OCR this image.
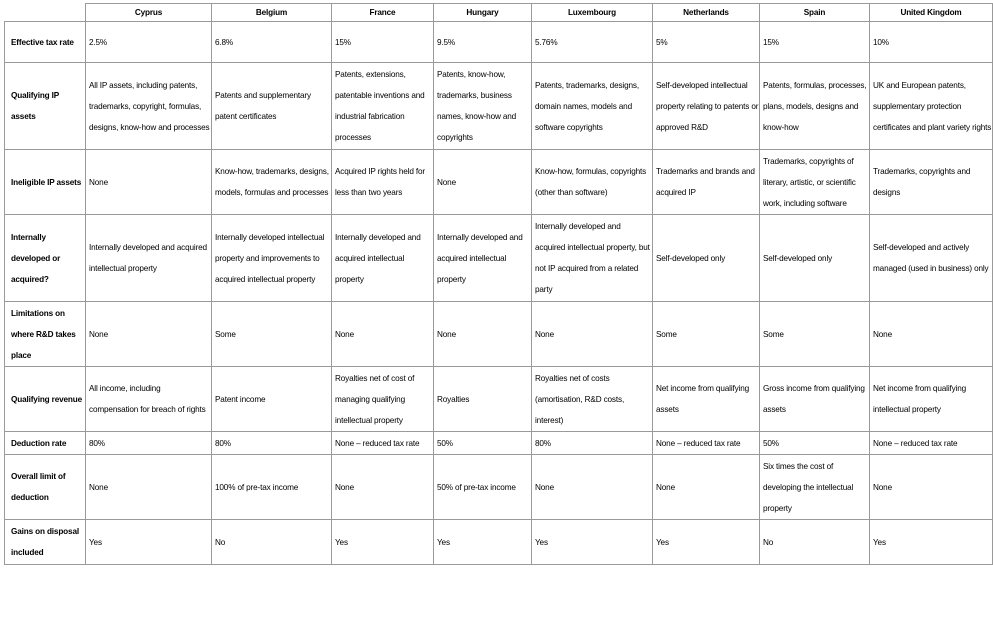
	Cyprus	Belgium	France	Hungary	Luxembourg	Netherlands	Spain	United Kingdom
Effective tax rate	2.5%	6.8%	15%	9.5%	5.76%	5%	15%	10%
Qualifying IP assets	All IP assets, including patents, trademarks, copyright, formulas, designs, know-how and processes	Patents and supplementary patent certificates	Patents, extensions, patentable inventions and industrial fabrication processes	Patents, know-how, trademarks, business names, know-how and copyrights	Patents, trademarks, designs, domain names, models and software copyrights	Self-developed intellectual property relating to patents or approved R&D	Patents, formulas, processes, plans, models, designs and know-how	UK and European patents, supplementary protection certificates and plant variety rights
Ineligible IP assets	None	Know-how, trademarks, designs, models, formulas and processes	Acquired IP rights held for less than two years	None	Know-how, formulas, copyrights (other than software)	Trademarks and brands and acquired IP	Trademarks, copyrights of literary, artistic, or scientific work, including software	Trademarks, copyrights and designs
Internally developed or acquired?	Internally developed and acquired intellectual property	Internally developed intellectual property and improvements to acquired intellectual property	Internally developed and acquired intellectual property	Internally developed and acquired intellectual property	Internally developed and acquired intellectual property, but not IP acquired from a related party	Self-developed only	Self-developed only	Self-developed and actively managed (used in business) only
Limitations on where R&D takes place	None	Some	None	None	None	Some	Some	None
Qualifying revenue	All income, including compensation for breach of rights	Patent income	Royalties net of cost of managing qualifying intellectual property	Royalties	Royalties net of costs (amortisation, R&D costs, interest)	Net income from qualifying assets	Gross income from qualifying assets	Net income from qualifying intellectual property
Deduction rate	80%	80%	None – reduced tax rate	50%	80%	None – reduced tax rate	50%	None – reduced tax rate
Overall limit of deduction	None	100% of pre-tax income	None	50% of pre-tax income	None	None	Six times the cost of developing the intellectual property	None
Gains on disposal included	Yes	No	Yes	Yes	Yes	Yes	No	Yes
